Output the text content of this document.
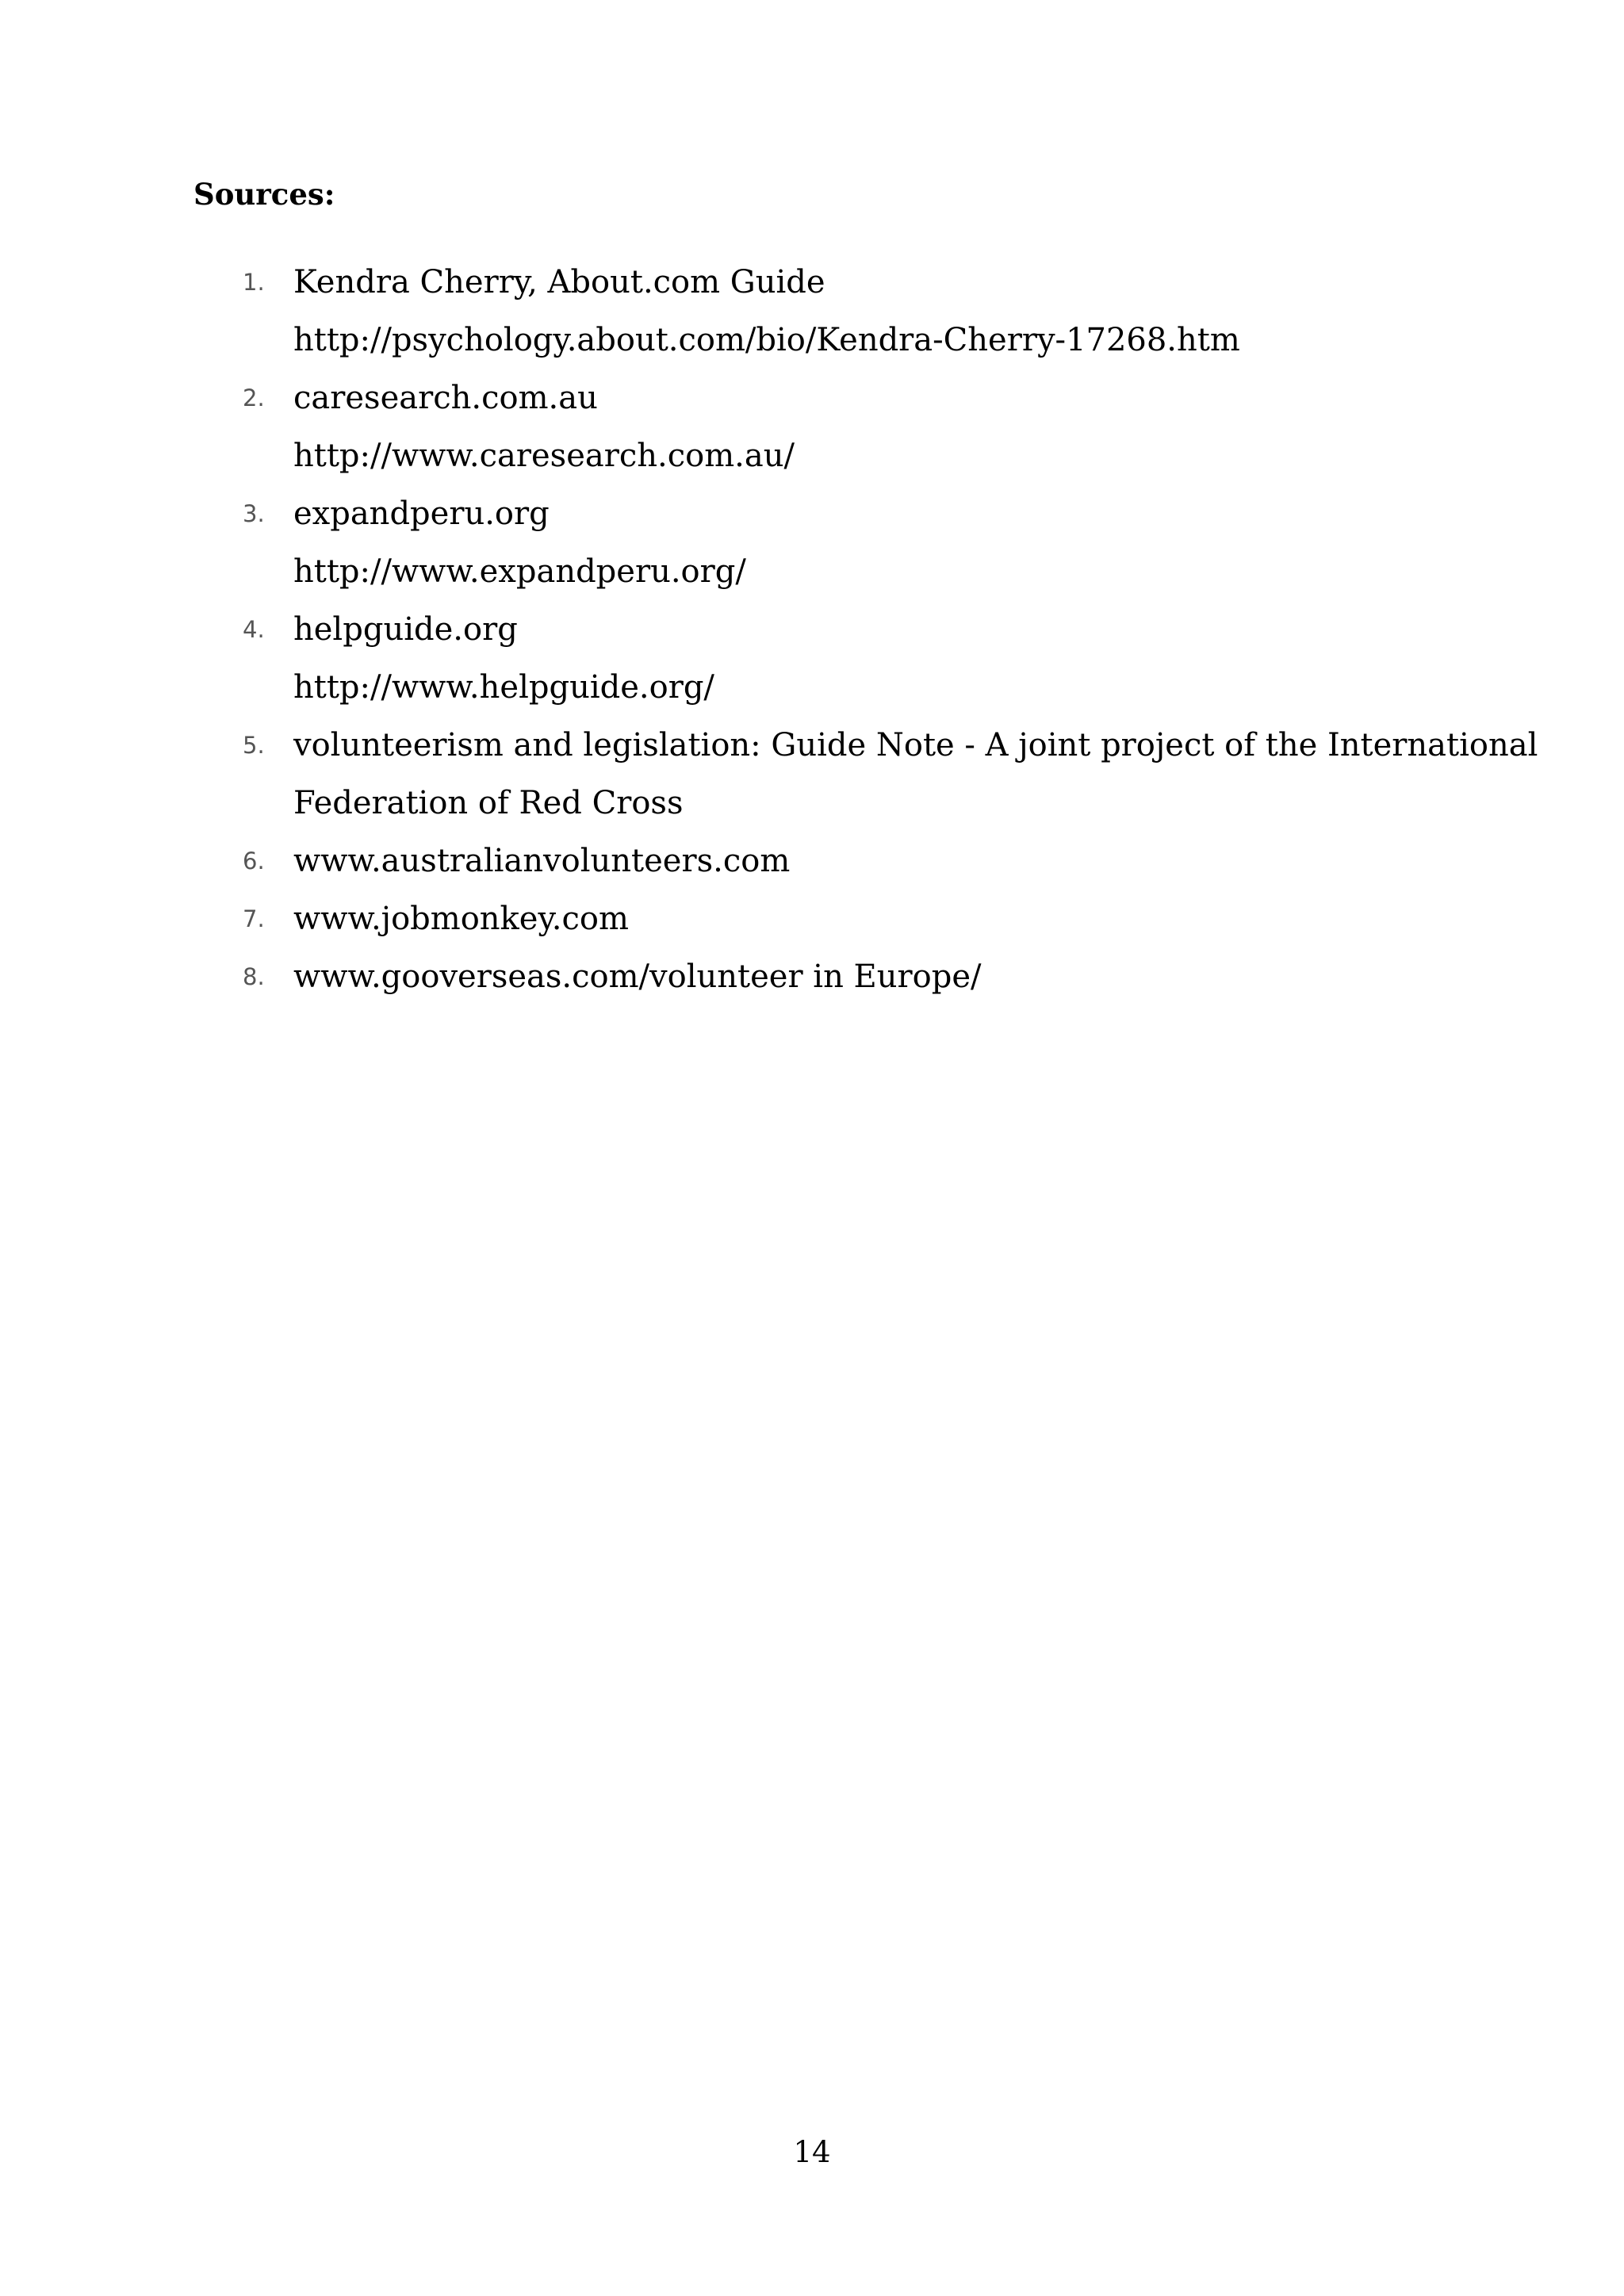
Sources:
1. Kendra Cherry, About.com Guide
http://psychology.about.com/bio/Kendra-Cherry-17268.htm
2. caresearch.com.au
http://www.caresearch.com.au/
3. expandperu.org
http://www.expandperu.org/
4. helpguide.org
http://www.helpguide.org/
5. volunteerism and legislation: Guide Note - A joint project of the International
Federation of Red Cross
6. www.australianvolunteers.com
7. www.jobmonkey.com
8. www.gooverseas.com/volunteer in Europe/
14
